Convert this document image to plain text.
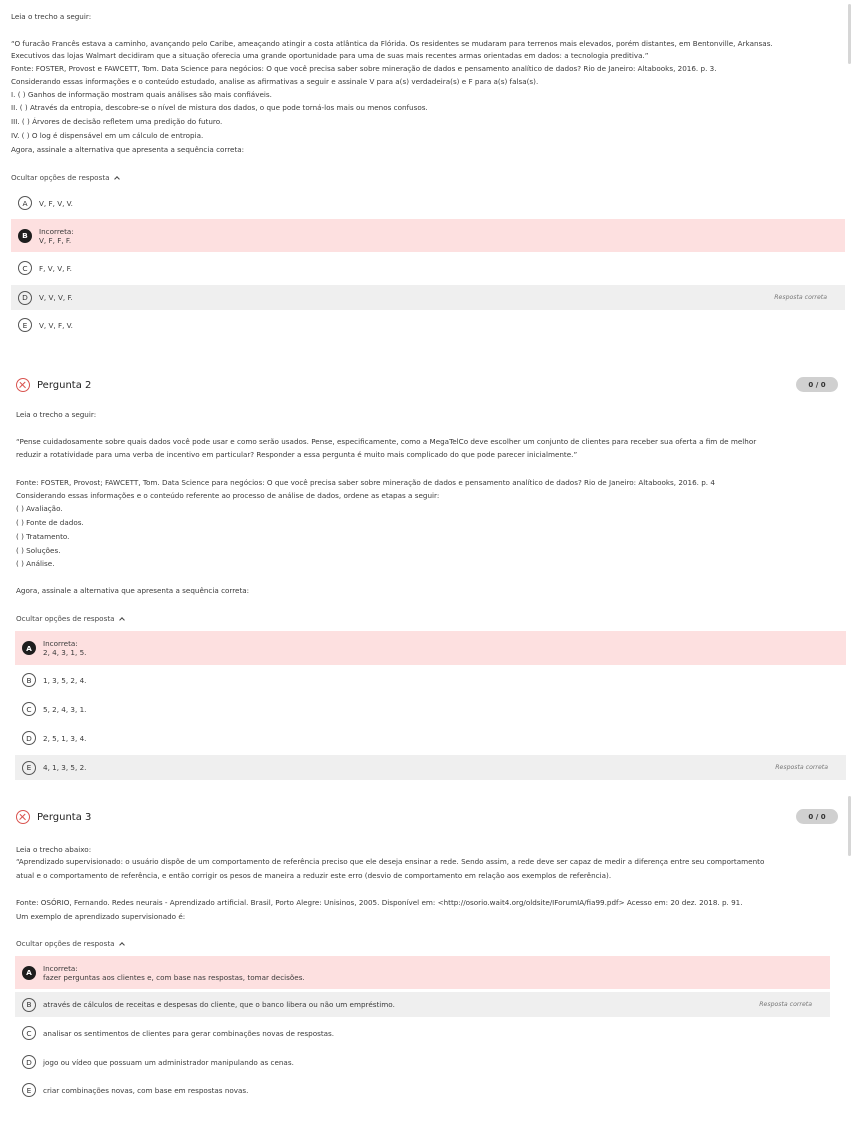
Leia o trecho a seguir:
“O furacão Francês estava a caminho, avançando pelo Caribe, ameaçando atingir a costa atlântica da Flórida. Os residentes se mudaram para terrenos mais elevados, porém distantes, em Bentonville, Arkansas.
Executivos das lojas Walmart decidiram que a situação oferecia uma grande oportunidade para uma de suas mais recentes armas orientadas em dados: a tecnologia preditiva.”
Fonte: FOSTER, Provost e FAWCETT, Tom. Data Science para negócios: O que você precisa saber sobre mineração de dados e pensamento analítico de dados? Rio de Janeiro: Altabooks, 2016. p. 3.
Considerando essas informações e o conteúdo estudado, analise as afirmativas a seguir e assinale V para a(s) verdadeira(s) e F para a(s) falsa(s).
I. ( ) Ganhos de informação mostram quais análises são mais confiáveis.
II. ( ) Através da entropia, descobre-se o nível de mistura dos dados, o que pode torná-los mais ou menos confusos.
III. ( ) Árvores de decisão refletem uma predição do futuro.
IV. ( ) O log é dispensável em um cálculo de entropia.
Agora, assinale a alternativa que apresenta a sequência correta:
Ocultar opções de resposta
A	V, F, V, V.
B	Incorreta:
V, F, F, F.
C	F, V, V, F.
D	V, V, V, F.	Resposta correta
E	V, V, F, V.
Pergunta 2	0 / 0
Leia o trecho a seguir:
“Pense cuidadosamente sobre quais dados você pode usar e como serão usados. Pense, especificamente, como a MegaTelCo deve escolher um conjunto de clientes para receber sua oferta a fim de melhor
reduzir a rotatividade para uma verba de incentivo em particular? Responder a essa pergunta é muito mais complicado do que pode parecer inicialmente.”
Fonte: FOSTER, Provost; FAWCETT, Tom. Data Science para negócios: O que você precisa saber sobre mineração de dados e pensamento analítico de dados? Rio de Janeiro: Altabooks, 2016. p. 4
Considerando essas informações e o conteúdo referente ao processo de análise de dados, ordene as etapas a seguir:
( ) Avaliação.
( ) Fonte de dados.
( ) Tratamento.
( ) Soluções.
( ) Análise.
Agora, assinale a alternativa que apresenta a sequência correta:
Ocultar opções de resposta
A	Incorreta:
2, 4, 3, 1, 5.
B	1, 3, 5, 2, 4.
C	5, 2, 4, 3, 1.
D	2, 5, 1, 3, 4.
E	4, 1, 3, 5, 2.	Resposta correta
Pergunta 3	0 / 0
Leia o trecho abaixo:
“Aprendizado supervisionado: o usuário dispõe de um comportamento de referência preciso que ele deseja ensinar a rede. Sendo assim, a rede deve ser capaz de medir a diferença entre seu comportamento
atual e o comportamento de referência, e então corrigir os pesos de maneira a reduzir este erro (desvio de comportamento em relação aos exemplos de referência).
Fonte: OSÓRIO, Fernando. Redes neurais - Aprendizado artificial. Brasil, Porto Alegre: Unisinos, 2005. Disponível em: <http://osorio.wait4.org/oldsite/IForumIA/fia99.pdf> Acesso em: 20 dez. 2018. p. 91.
Um exemplo de aprendizado supervisionado é:
Ocultar opções de resposta
A	Incorreta:
fazer perguntas aos clientes e, com base nas respostas, tomar decisões.
B	através de cálculos de receitas e despesas do cliente, que o banco libera ou não um empréstimo.	Resposta correta
C	analisar os sentimentos de clientes para gerar combinações novas de respostas.
D	jogo ou vídeo que possuam um administrador manipulando as cenas.
E	criar combinações novas, com base em respostas novas.
